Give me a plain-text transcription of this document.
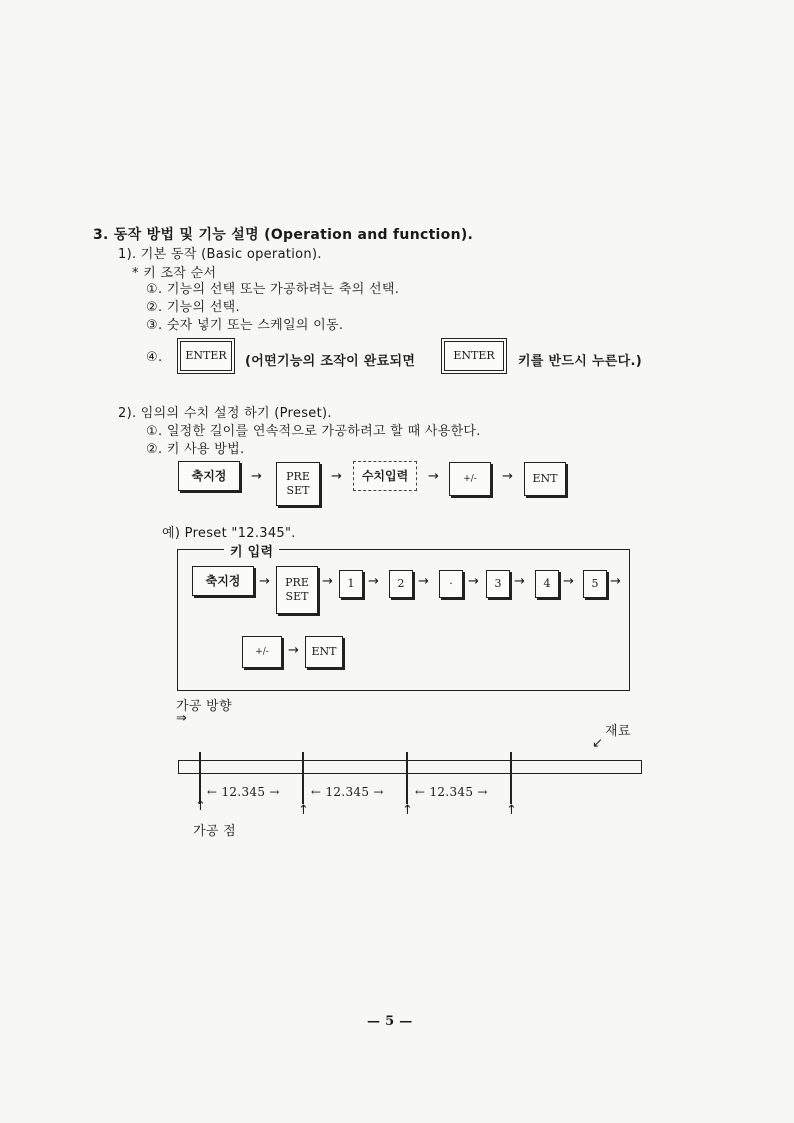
3. 동작 방법 및 기능 설명 (Operation and function).
1). 기본 동작 (Basic operation).
* 키 조작 순서
①. 기능의 선택 또는 가공하려는 축의 선택.
②. 기능의 선택.
③. 숫자 넣기 또는 스케일의 이동.
④.	ENTER	(어떤기능의 조작이 완료되면	ENTER	키를 반드시 누른다.)
2). 임의의 수치 설정 하기 (Preset).
①. 일정한 길이를 연속적으로 가공하려고 할 때 사용한다.
②. 키 사용 방법.
축지정	→ PRE
SET
→	수치입력	→	+/-	→	ENT
예) Preset "12.345".
키 입력
축지정	→ PRE
SET
→	1	→	2	→	·	→	3 →	4 →	5 →
+/-	→	ENT
가공 방향
⇒
재료
↙
← 12.345 →	← 12.345 →	← 12.345 →
↑	↑	↑	↑
가공 점
— 5 —
